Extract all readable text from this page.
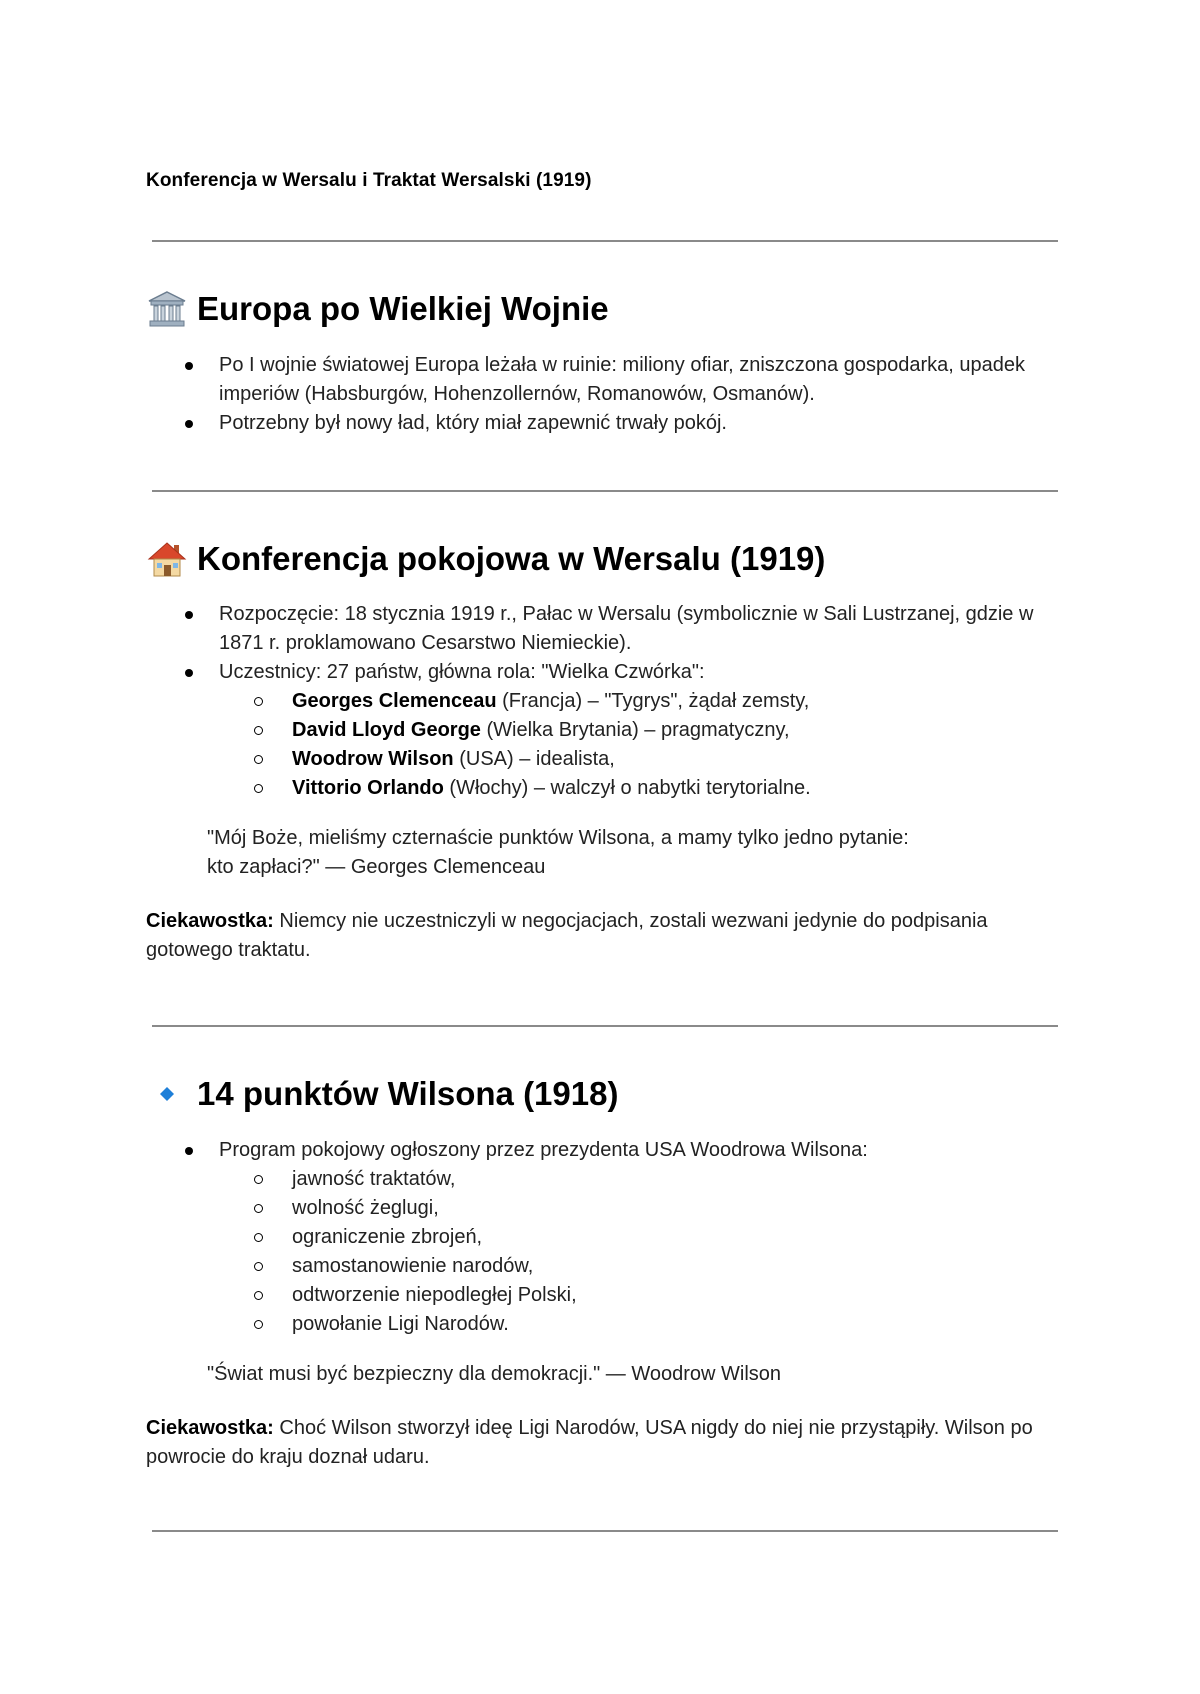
Konferencja w Wersalu i Traktat Wersalski (1919)

Europa po Wielkiej Wojnie
Po I wojnie światowej Europa leżała w ruinie: miliony ofiar, zniszczona gospodarka, upadek imperiów (Habsburgów, Hohenzollernów, Romanowów, Osmanów).
Potrzebny był nowy ład, który miał zapewnić trwały pokój.
Konferencja pokojowa w Wersalu (1919)
Rozpoczęcie: 18 stycznia 1919 r., Pałac w Wersalu (symbolicznie w Sali Lustrzanej, gdzie w 1871 r. proklamowano Cesarstwo Niemieckie).
Uczestnicy: 27 państw, główna rola: "Wielka Czwórka":
Georges Clemenceau (Francja) – "Tygrys", żądał zemsty,
David Lloyd George (Wielka Brytania) – pragmatyczny,
Woodrow Wilson (USA) – idealista,
Vittorio Orlando (Włochy) – walczył o nabytki terytorialne.
"Mój Boże, mieliśmy czternaście punktów Wilsona, a mamy tylko jedno pytanie:
kto zapłaci?" — Georges Clemenceau
Ciekawostka: Niemcy nie uczestniczyli w negocjacjach, zostali wezwani jedynie do podpisania gotowego traktatu.
14 punktów Wilsona (1918)
Program pokojowy ogłoszony przez prezydenta USA Woodrowa Wilsona:
jawność traktatów,
wolność żeglugi,
ograniczenie zbrojeń,
samostanowienie narodów,
odtworzenie niepodległej Polski,
powołanie Ligi Narodów.
"Świat musi być bezpieczny dla demokracji." — Woodrow Wilson
Ciekawostka: Choć Wilson stworzył ideę Ligi Narodów, USA nigdy do niej nie przystąpiły. Wilson po powrocie do kraju doznał udaru.
